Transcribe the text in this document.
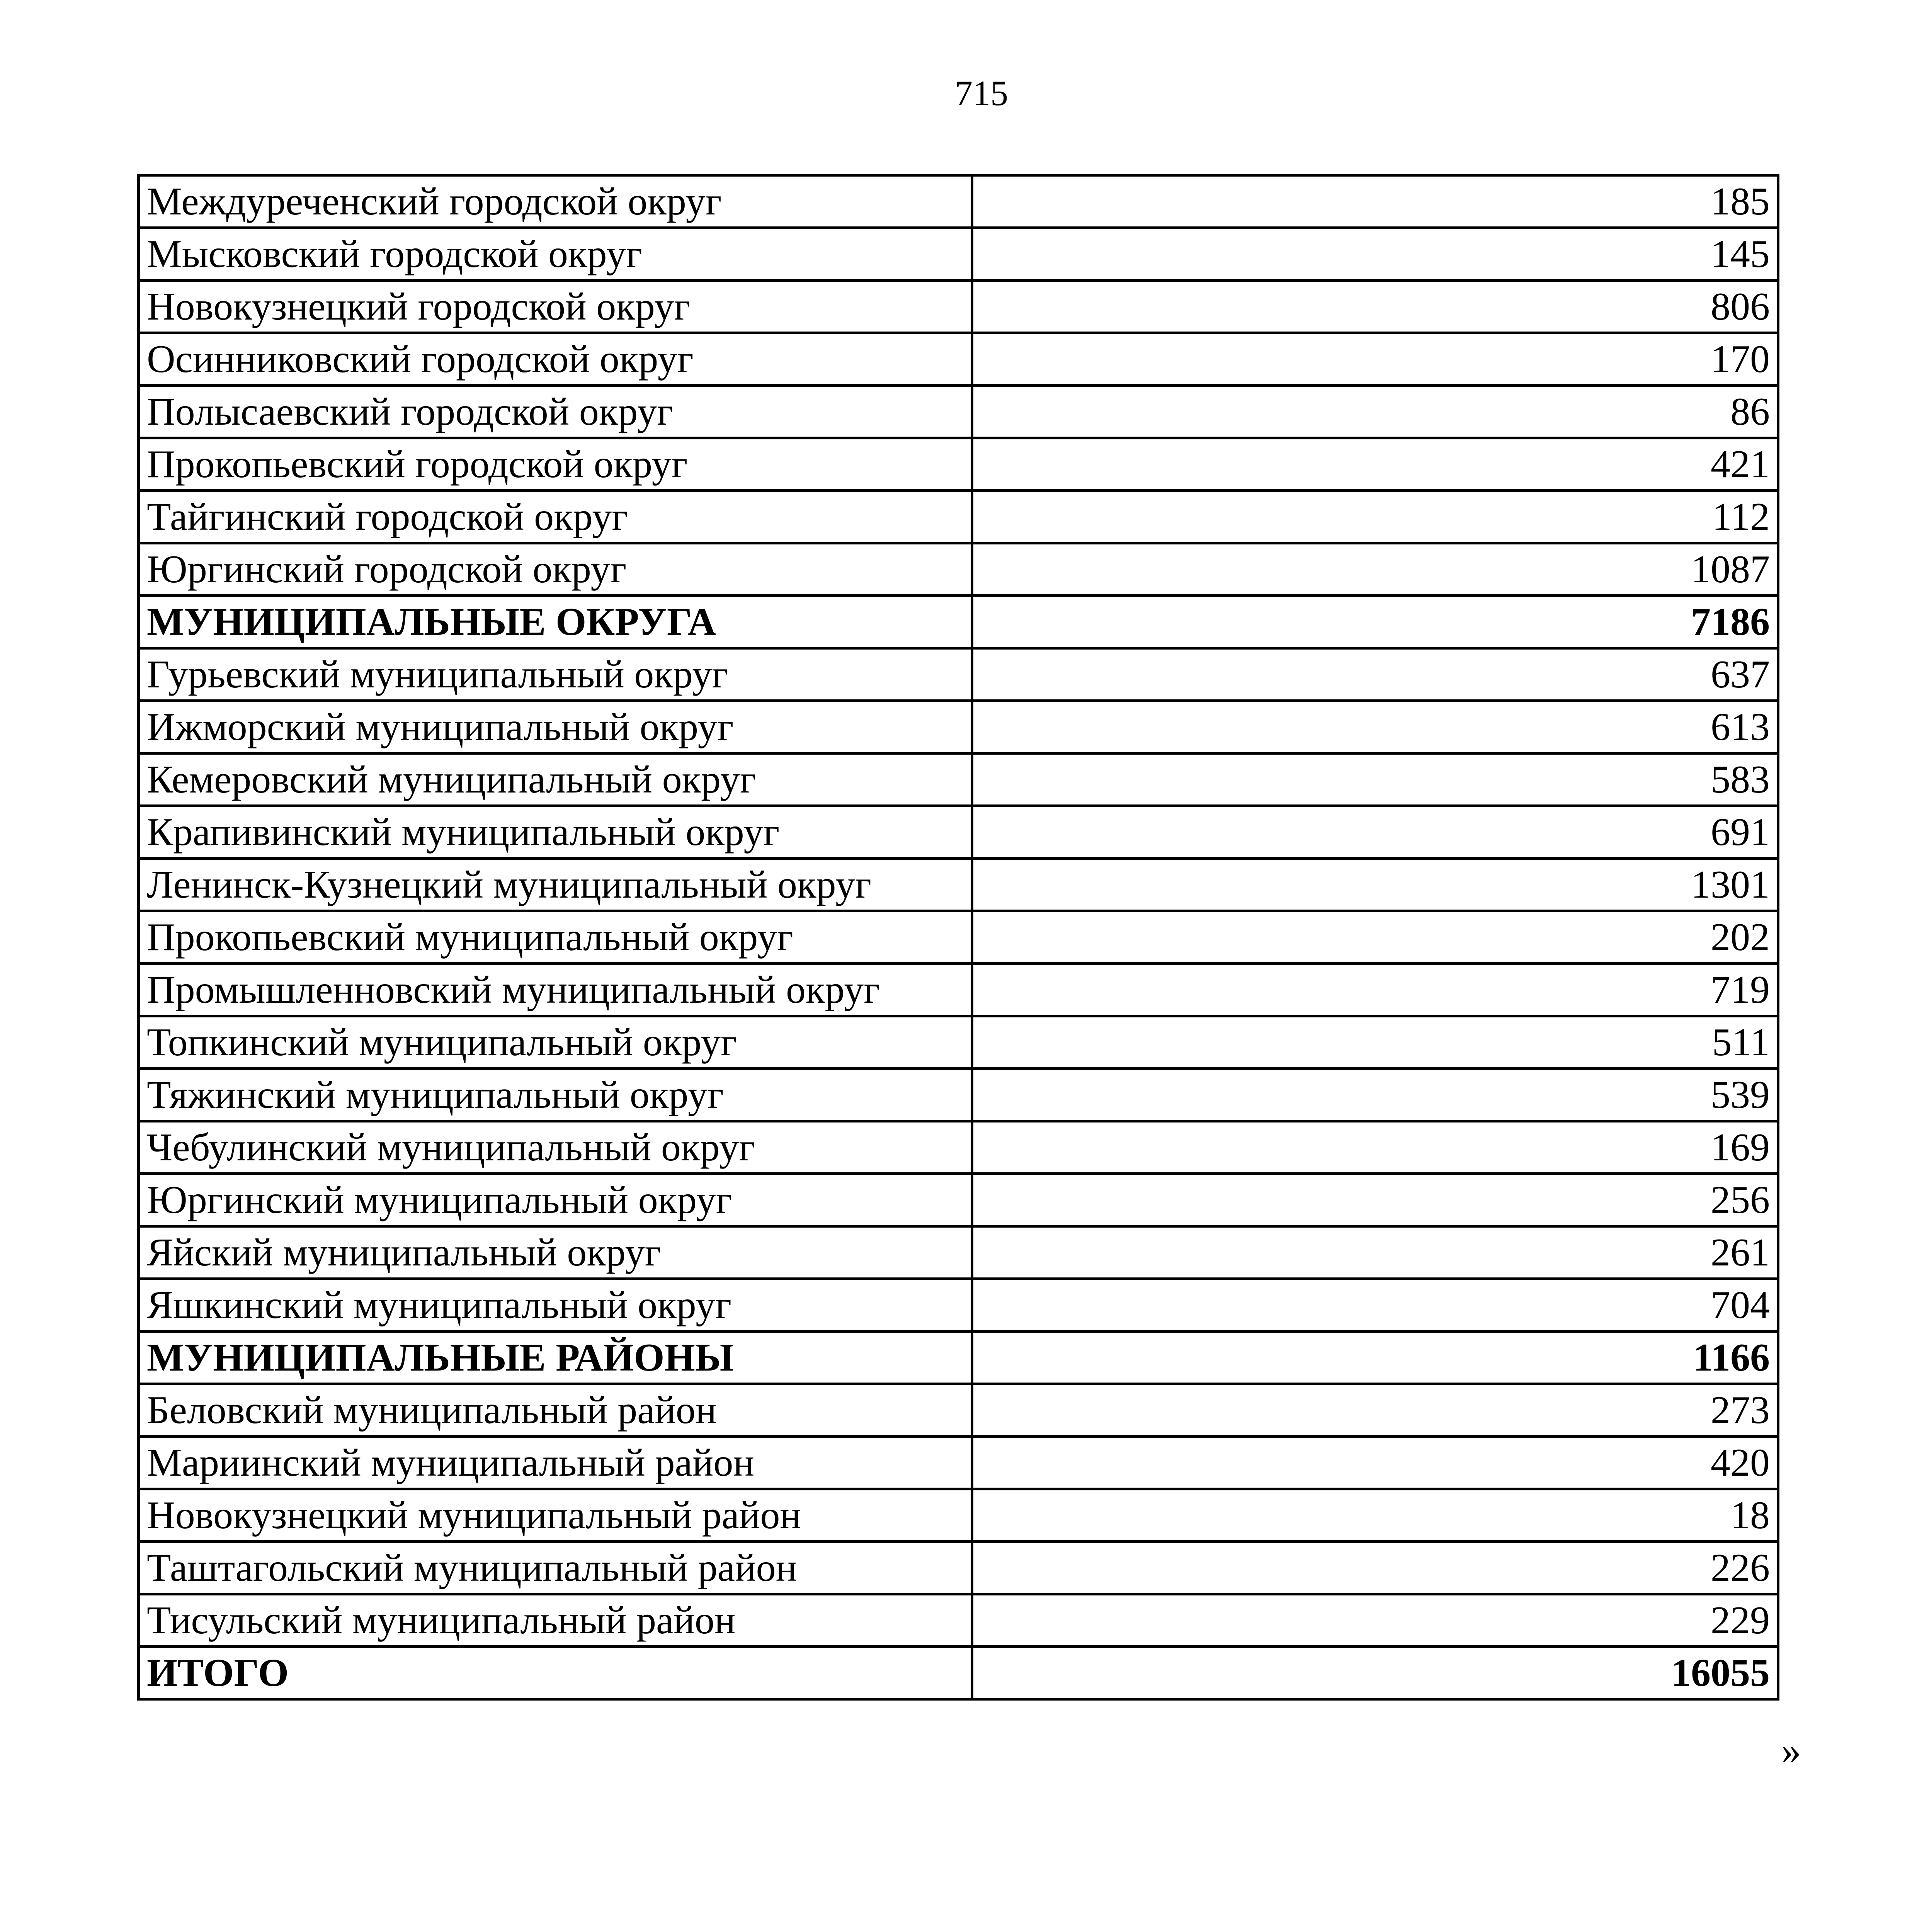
715
Междуреченский городской округ	185
Мысковский городской округ	145
Новокузнецкий городской округ	806
Осинниковский городской округ	170
Полысаевский городской округ	86
Прокопьевский городской округ	421
Тайгинский городской округ	112
Юргинский городской округ	1087
МУНИЦИПАЛЬНЫЕ ОКРУГА	7186
Гурьевский муниципальный округ	637
Ижморский муниципальный округ	613
Кемеровский муниципальный округ	583
Крапивинский муниципальный округ	691
Ленинск-Кузнецкий муниципальный округ	1301
Прокопьевский муниципальный округ	202
Промышленновский муниципальный округ	719
Топкинский муниципальный округ	511
Тяжинский муниципальный округ	539
Чебулинский муниципальный округ	169
Юргинский муниципальный округ	256
Яйский муниципальный округ	261
Яшкинский муниципальный округ	704
МУНИЦИПАЛЬНЫЕ РАЙОНЫ	1166
Беловский муниципальный район	273
Мариинский муниципальный район	420
Новокузнецкий муниципальный район	18
Таштагольский муниципальный район	226
Тисульский муниципальный район	229
ИТОГО	16055
»
